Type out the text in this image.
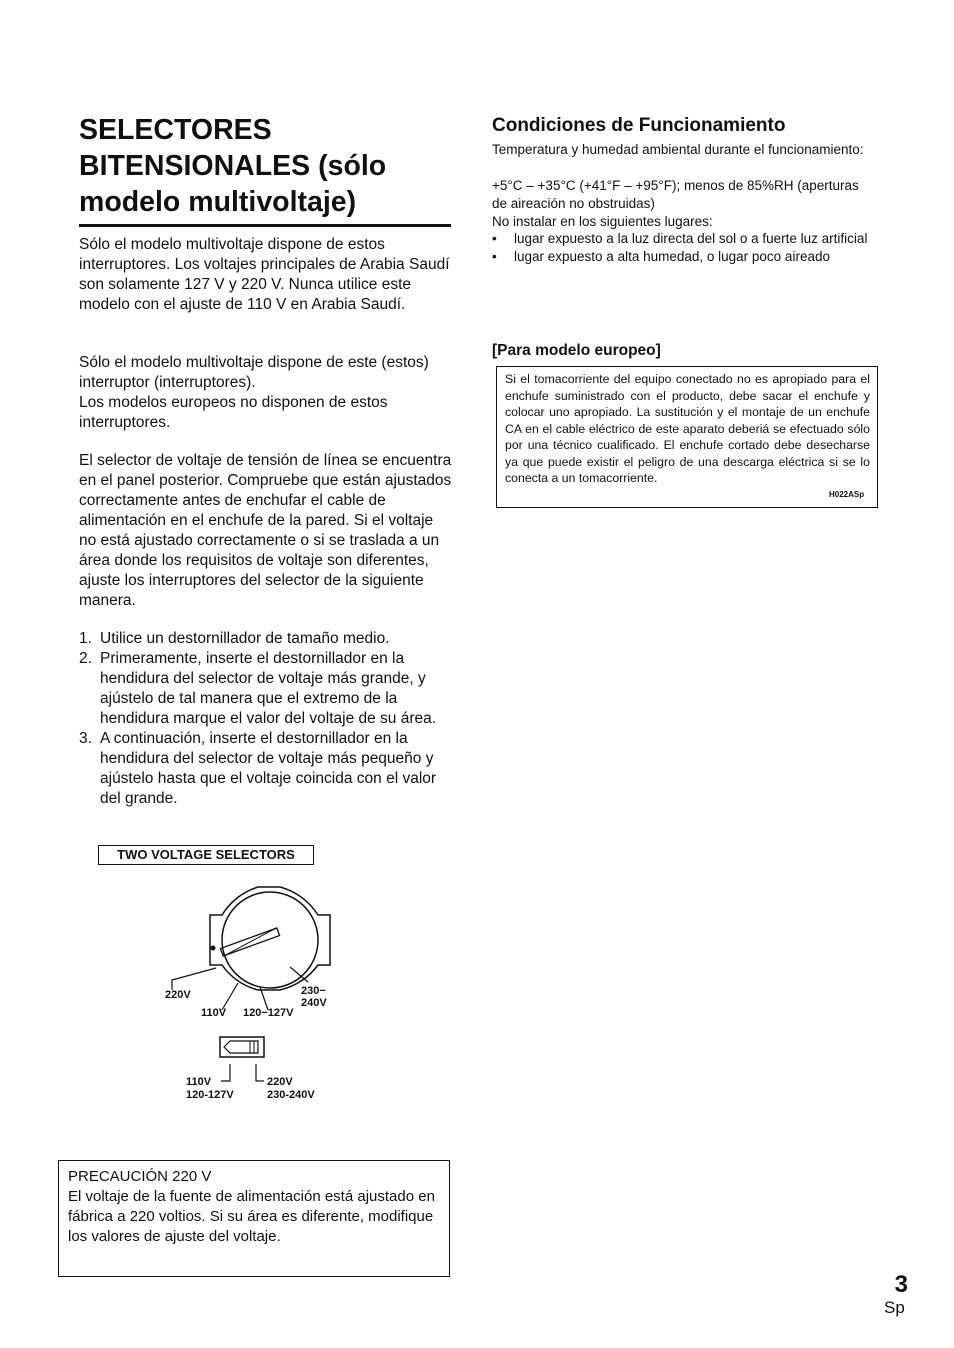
SELECTORES BITENSIONALES (sólo modelo multivoltaje)

Sólo el modelo multivoltaje dispone de estos interruptores. Los voltajes principales de Arabia Saudí son solamente 127 V y 220 V. Nunca utilice este modelo con el ajuste de 110 V en Arabia Saudí.

Sólo el modelo multivoltaje dispone de este (estos) interruptor (interruptores).
Los modelos europeos no disponen de estos interruptores.

El selector de voltaje de tensión de línea se encuentra en el panel posterior. Compruebe que están ajustados correctamente antes de enchufar el cable de alimentación en el enchufe de la pared. Si el voltaje no está ajustado correctamente o si se traslada a un área donde los requisitos de voltaje son diferentes, ajuste los interruptores del selector de la siguiente manera.

1. Utilice un destornillador de tamaño medio.
2. Primeramente, inserte el destornillador en la hendidura del selector de voltaje más grande, y ajústelo de tal manera que el extremo de la hendidura marque el valor del voltaje de su área.
3. A continuación, inserte el destornillador en la hendidura del selector de voltaje más pequeño y ajústelo hasta que el voltaje coincida con el valor del grande.
TWO VOLTAGE SELECTORS
220V
110V 120−127V
230−
240V
110V
120-127V
220V
230-240V
PRECAUCIÓN 220 V
El voltaje de la fuente de alimentación está ajustado en fábrica a 220 voltios. Si su área es diferente, modifique los valores de ajuste del voltaje.
Condiciones de Funcionamiento

Temperatura y humedad ambiental durante el funcionamiento:

+5°C – +35°C (+41°F – +95°F); menos de 85%RH (aperturas de aireación no obstruidas)

No instalar en los siguientes lugares:

• lugar expuesto a la luz directa del sol o a fuerte luz artificial
• lugar expuesto a alta humedad, o lugar poco aireado
[Para modelo europeo]

Si el tomacorriente del equipo conectado no es apropiado para el enchufe suministrado con el producto, debe sacar el enchufe y colocar uno apropiado. La sustitución y el montaje de un enchufe CA en el cable eléctrico de este aparato deberiá se efectuado sólo por una técnico cualificado. El enchufe cortado debe desecharse ya que puede existir el peligro de una descarga eléctrica si se lo conecta a un tomacorriente.

H022ASp
3
Sp
